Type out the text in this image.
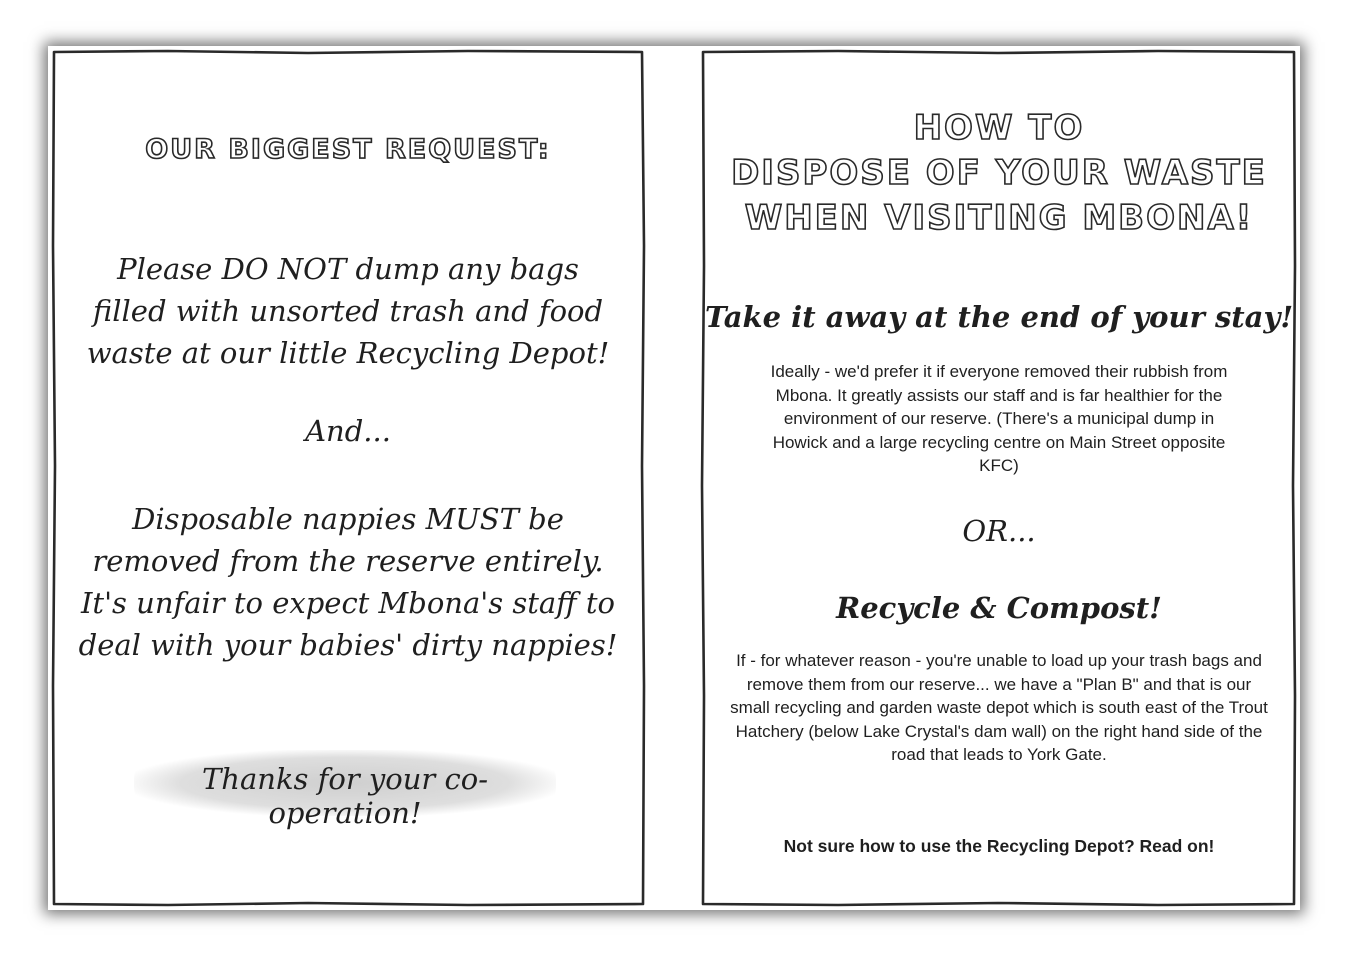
OUR BIGGEST REQUEST:

Please DO NOT dump any bags filled with unsorted trash and food waste at our little Recycling Depot!

And...

Disposable nappies MUST be removed from the reserve entirely. It's unfair to expect Mbona's staff to deal with your babies' dirty nappies!

Thanks for your co-operation!

HOW TO
DISPOSE OF YOUR WASTE
WHEN VISITING MBONA!
Take it away at the end of your stay!

Ideally - we'd prefer it if everyone removed their rubbish from Mbona. It greatly assists our staff and is far healthier for the environment of our reserve. (There's a municipal dump in Howick and a large recycling centre on Main Street opposite KFC)

OR...

Recycle & Compost!

If - for whatever reason - you're unable to load up your trash bags and remove them from our reserve... we have a "Plan B" and that is our small recycling and garden waste depot which is south east of the Trout Hatchery (below Lake Crystal's dam wall) on the right hand side of the road that leads to York Gate.

Not sure how to use the Recycling Depot? Read on!
